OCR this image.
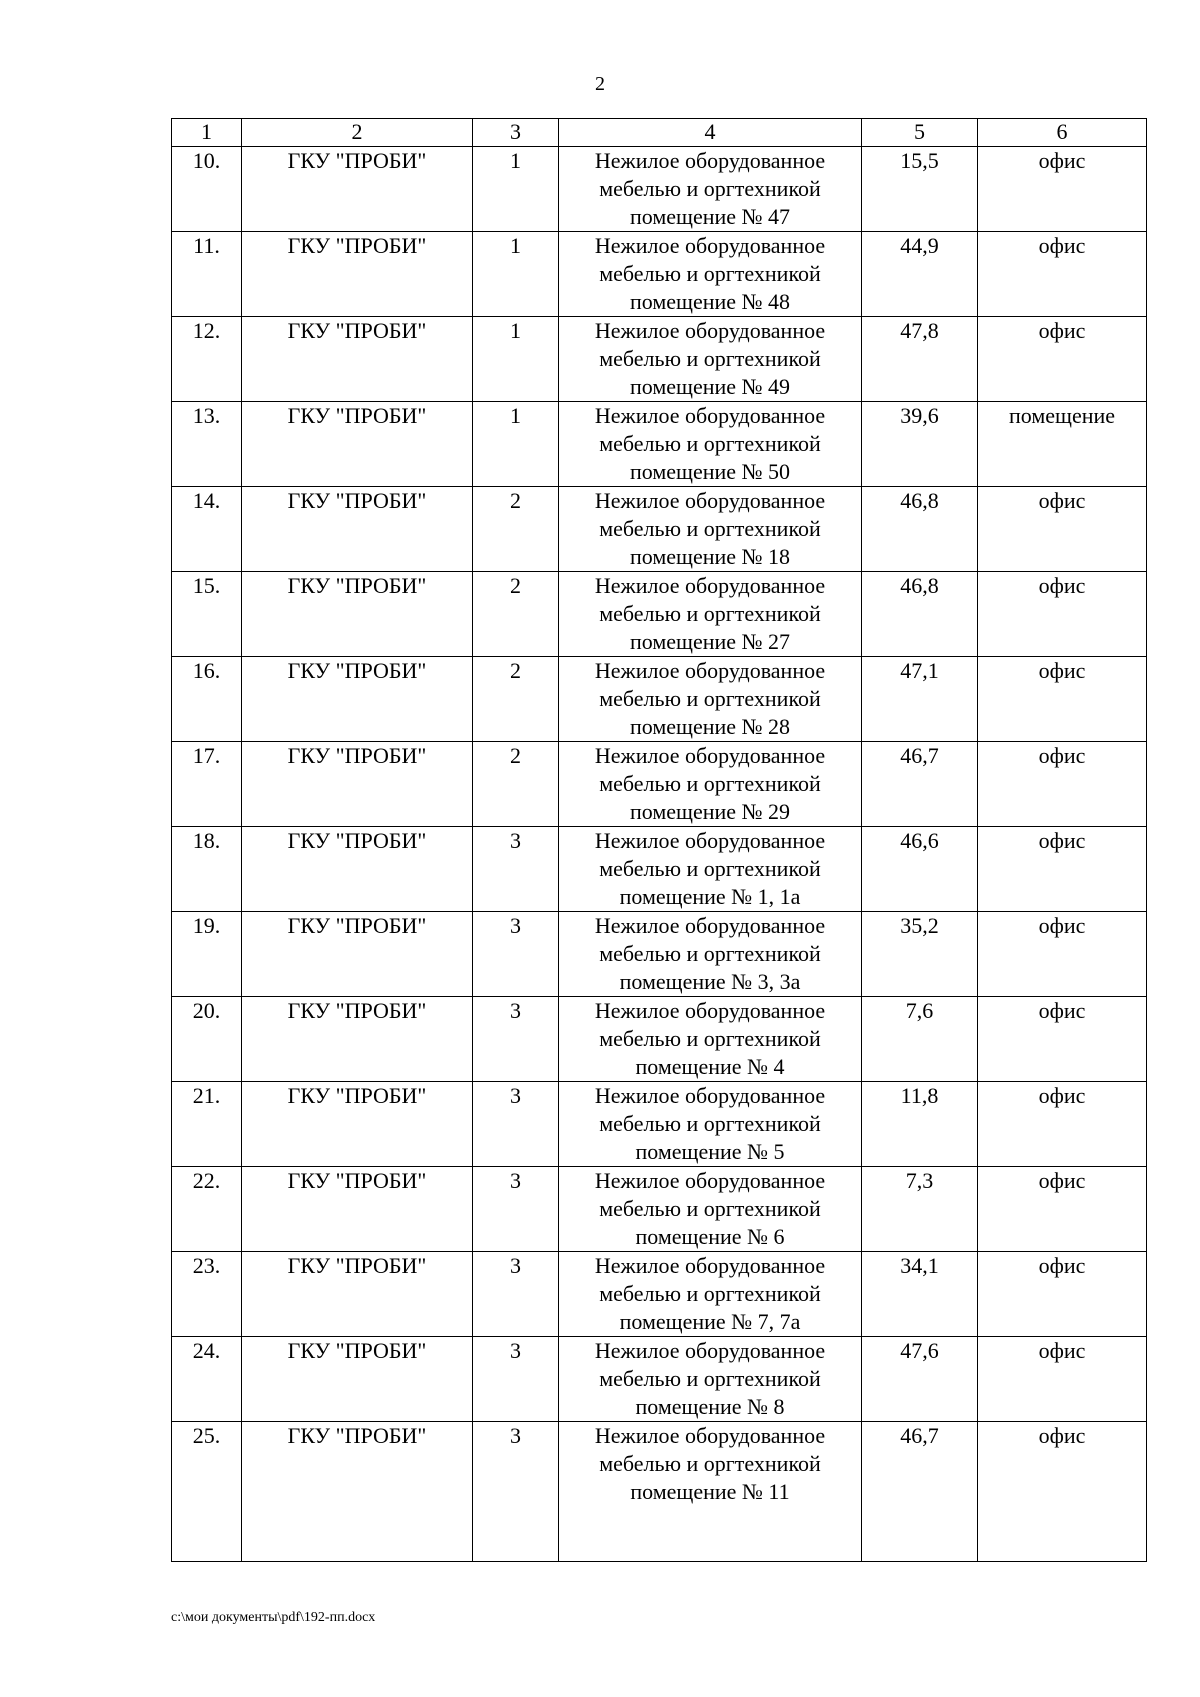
2
1	2	3	4	5	6
10.	ГКУ "ПРОБИ"	1	Нежилое оборудованное
мебелью и оргтехникой
помещение № 47	15,5	офис
11.	ГКУ "ПРОБИ"	1	Нежилое оборудованное
мебелью и оргтехникой
помещение № 48	44,9	офис
12.	ГКУ "ПРОБИ"	1	Нежилое оборудованное
мебелью и оргтехникой
помещение № 49	47,8	офис
13.	ГКУ "ПРОБИ"	1	Нежилое оборудованное
мебелью и оргтехникой
помещение № 50	39,6	помещение
14.	ГКУ "ПРОБИ"	2	Нежилое оборудованное
мебелью и оргтехникой
помещение № 18	46,8	офис
15.	ГКУ "ПРОБИ"	2	Нежилое оборудованное
мебелью и оргтехникой
помещение № 27	46,8	офис
16.	ГКУ "ПРОБИ"	2	Нежилое оборудованное
мебелью и оргтехникой
помещение № 28	47,1	офис
17.	ГКУ "ПРОБИ"	2	Нежилое оборудованное
мебелью и оргтехникой
помещение № 29	46,7	офис
18.	ГКУ "ПРОБИ"	3	Нежилое оборудованное
мебелью и оргтехникой
помещение № 1, 1а	46,6	офис
19.	ГКУ "ПРОБИ"	3	Нежилое оборудованное
мебелью и оргтехникой
помещение № 3, 3а	35,2	офис
20.	ГКУ "ПРОБИ"	3	Нежилое оборудованное
мебелью и оргтехникой
помещение № 4	7,6	офис
21.	ГКУ "ПРОБИ"	3	Нежилое оборудованное
мебелью и оргтехникой
помещение № 5	11,8	офис
22.	ГКУ "ПРОБИ"	3	Нежилое оборудованное
мебелью и оргтехникой
помещение № 6	7,3	офис
23.	ГКУ "ПРОБИ"	3	Нежилое оборудованное
мебелью и оргтехникой
помещение № 7, 7а	34,1	офис
24.	ГКУ "ПРОБИ"	3	Нежилое оборудованное
мебелью и оргтехникой
помещение № 8	47,6	офис
25.	ГКУ "ПРОБИ"	3	Нежилое оборудованное
мебелью и оргтехникой
помещение № 11	46,7	офис
c:\мои документы\pdf\192-пп.docx
